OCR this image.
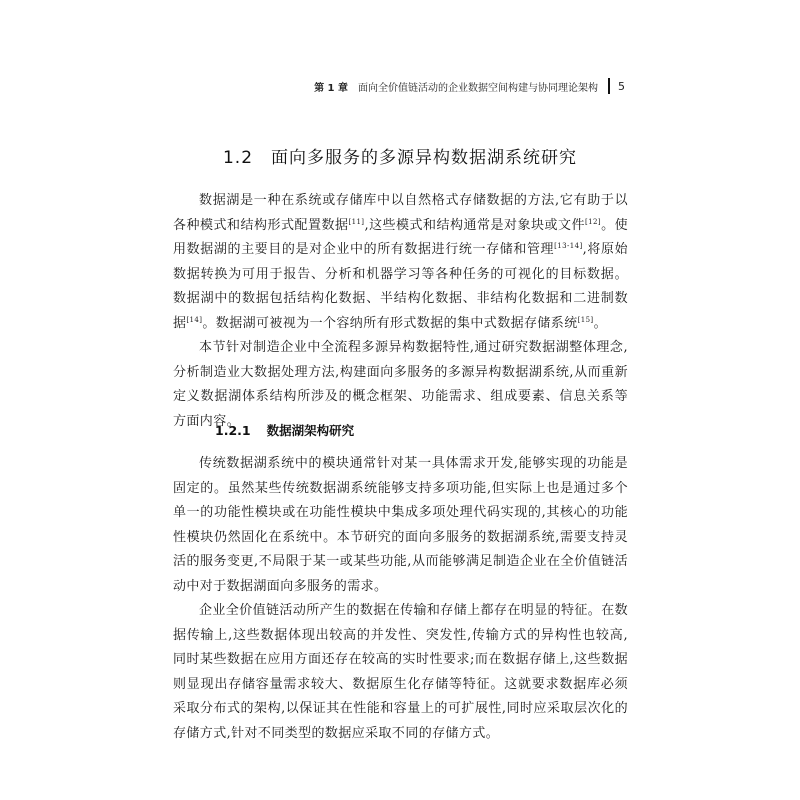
第 1 章 面向全价值链活动的企业数据空间构建与协同理论架构 5
1.2 面向多服务的多源异构数据湖系统研究

数据湖是一种在系统或存储库中以自然格式存储数据的方法,它有助于以各种模式和结构形式配置数据[11],这些模式和结构通常是对象块或文件[12]。使用数据湖的主要目的是对企业中的所有数据进行统一存储和管理[13-14],将原始数据转换为可用于报告、分析和机器学习等各种任务的可视化的目标数据。数据湖中的数据包括结构化数据、半结构化数据、非结构化数据和二进制数据[14]。数据湖可被视为一个容纳所有形式数据的集中式数据存储系统[15]。

本节针对制造企业中全流程多源异构数据特性,通过研究数据湖整体理念,分析制造业大数据处理方法,构建面向多服务的多源异构数据湖系统,从而重新定义数据湖体系结构所涉及的概念框架、功能需求、组成要素、信息关系等方面内容。

1.2.1 数据湖架构研究

传统数据湖系统中的模块通常针对某一具体需求开发,能够实现的功能是固定的。虽然某些传统数据湖系统能够支持多项功能,但实际上也是通过多个单一的功能性模块或在功能性模块中集成多项处理代码实现的,其核心的功能性模块仍然固化在系统中。本节研究的面向多服务的数据湖系统,需要支持灵活的服务变更,不局限于某一或某些功能,从而能够满足制造企业在全价值链活动中对于数据湖面向多服务的需求。

企业全价值链活动所产生的数据在传输和存储上都存在明显的特征。在数据传输上,这些数据体现出较高的并发性、突发性,传输方式的异构性也较高,同时某些数据在应用方面还存在较高的实时性要求;而在数据存储上,这些数据则显现出存储容量需求较大、数据原生化存储等特征。这就要求数据库必须采取分布式的架构,以保证其在性能和容量上的可扩展性,同时应采取层次化的存储方式,针对不同类型的数据应采取不同的存储方式。
